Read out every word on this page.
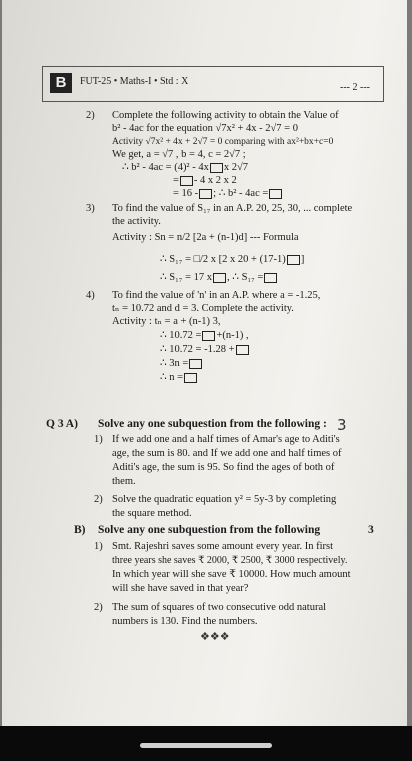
B	FUT-25 • Maths-I • Std : X
--- 2 ---
2) Complete the following activity to obtain the Value of
b² - 4ac for the equation √7x² + 4x - 2√7 = 0
Activity √7x² + 4x + 2√7 = 0 comparing with ax²+bx+c=0
We get, a = √7 , b = 4, c = 2√7 ;
∴ b² - 4ac = (4)² - 4x x 2√7
= - 4 x 2 x 2
= 16 - ; ∴ b² - 4ac =
3) To find the value of S₁₇ in an A.P. 20, 25, 30, ... complete
the activity.
Activity : Sn = n/2 [2a + (n-1)d] --- Formula
∴ S₁₇ = □/2 x [2 x 20 + (17-1) ]
∴ S₁₇ = 17 x , ∴ S₁₇ =
4) To find the value of 'n' in an A.P. where a = -1.25,
tₙ = 10.72 and d = 3. Complete the activity.
Activity : tₙ = a + (n-1) 3,
∴ 10.72 = +(n-1) ,
∴ 10.72 = -1.28 +
∴ 3n =
∴ n =
Q 3 A) Solve any one subquestion from the following : 3
1) If we add one and a half times of Amar's age to Aditi's
age, the sum is 80. and If we add one and half times of
Aditi's age, the sum is 95. So find the ages of both of
them.
2) Solve the quadratic equation y² = 5y-3 by completing
the square method.
B) Solve any one subquestion from the following	3
1) Smt. Rajeshri saves some amount every year. In first
three years she saves ₹ 2000, ₹ 2500, ₹ 3000 respectively.
In which year will she save ₹ 10000. How much amount
will she have saved in that year?
2) The sum of squares of two consecutive odd natural
numbers is 130. Find the numbers.
❖❖❖
